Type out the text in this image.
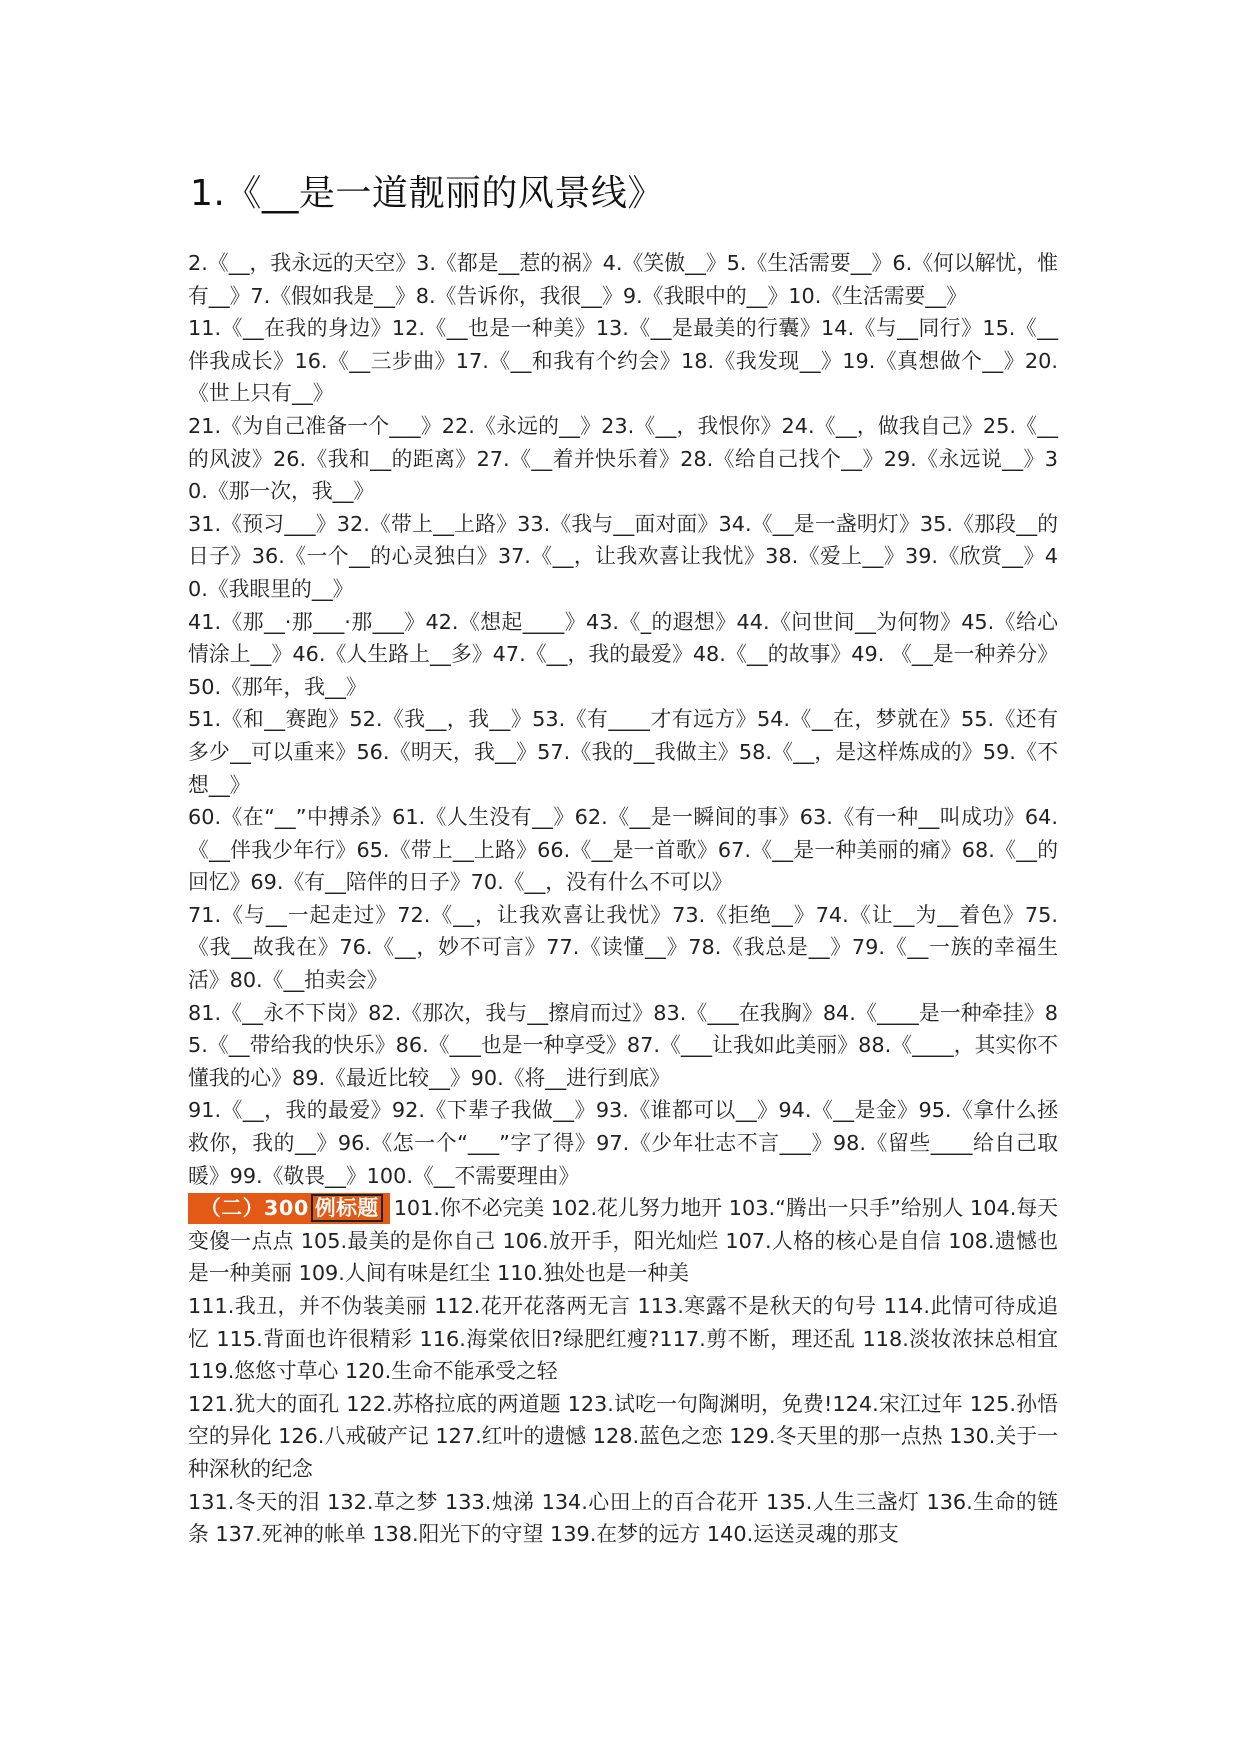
1.《__是一道靓丽的风景线》

2.《__，我永远的天空》3.《都是__惹的祸》4.《笑傲__》5.《生活需要__》6.《何以解忧，惟有__》7.《假如我是__》8.《告诉你，我很__》9.《我眼中的__》10.《生活需要__》

11.《__在我的身边》12.《__也是一种美》13.《__是最美的行囊》14.《与__同行》15.《__伴我成长》16.《__三步曲》17.《__和我有个约会》18.《我发现__》19.《真想做个__》20.《世上只有__》

21.《为自己准备一个___》22.《永远的__》23.《__，我恨你》24.《__，做我自己》25.《__的风波》26.《我和__的距离》27.《__着并快乐着》28.《给自己找个__》29.《永远说__》30.《那一次，我__》

31.《预习___》32.《带上__上路》33.《我与__面对面》34.《__是一盏明灯》35.《那段__的日子》36.《一个__的心灵独白》37.《__，让我欢喜让我忧》38.《爱上__》39.《欣赏__》40.《我眼里的__》

41.《那__·那___·那___》42.《想起____》43.《_的遐想》44.《问世间__为何物》45.《给心情涂上__》46.《人生路上__多》47.《__，我的最爱》48.《__的故事》49. 《__是一种养分》50.《那年，我__》

51.《和__赛跑》52.《我__，我__》53.《有____才有远方》54.《__在，梦就在》55.《还有多少__可以重来》56.《明天，我__》57.《我的__我做主》58.《__，是这样炼成的》59.《不想__》

60.《在“__”中搏杀》61.《人生没有__》62.《__是一瞬间的事》63.《有一种__叫成功》64.《__伴我少年行》65.《带上__上路》66.《__是一首歌》67.《__是一种美丽的痛》68.《__的回忆》69.《有__陪伴的日子》70.《__，没有什么不可以》

71.《与__一起走过》72.《__，让我欢喜让我忧》73.《拒绝__》74.《让__为__着色》75.《我__故我在》76.《__，妙不可言》77.《读懂__》78.《我总是__》79.《__一族的幸福生活》80.《__拍卖会》

81.《__永不下岗》82.《那次，我与__擦肩而过》83.《___在我胸》84.《____是一种牵挂》85.《__带给我的快乐》86.《___也是一种享受》87.《___让我如此美丽》88.《____，其实你不懂我的心》89.《最近比较__》90.《将__进行到底》

91.《__，我的最爱》92.《下辈子我做__》93.《谁都可以__》94.《__是金》95.《拿什么拯救你，我的__》96.《怎一个“___”字了得》97.《少年壮志不言___》98.《留些____给自己取暖》99.《敬畏__》100.《__不需要理由》

（二）300 例标题 101.你不必完美 102.花儿努力地开 103.“腾出一只手”给别人 104.每天变傻一点点 105.最美的是你自己 106.放开手，阳光灿烂 107.人格的核心是自信 108.遗憾也是一种美丽 109.人间有味是红尘 110.独处也是一种美

111.我丑，并不伪装美丽 112.花开花落两无言 113.寒露不是秋天的句号 114.此情可待成追忆 115.背面也许很精彩 116.海棠依旧?绿肥红瘦?117.剪不断，理还乱 118.淡妆浓抹总相宜 119.悠悠寸草心 120.生命不能承受之轻

121.犹大的面孔 122.苏格拉底的两道题 123.试吃一句陶渊明，免费!124.宋江过年 125.孙悟空的异化 126.八戒破产记 127.红叶的遗憾 128.蓝色之恋 129.冬天里的那一点热 130.关于一种深秋的纪念

131.冬天的泪 132.草之梦 133.烛涕 134.心田上的百合花开 135.人生三盏灯 136.生命的链条 137.死神的帐单 138.阳光下的守望 139.在梦的远方 140.运送灵魂的那支
